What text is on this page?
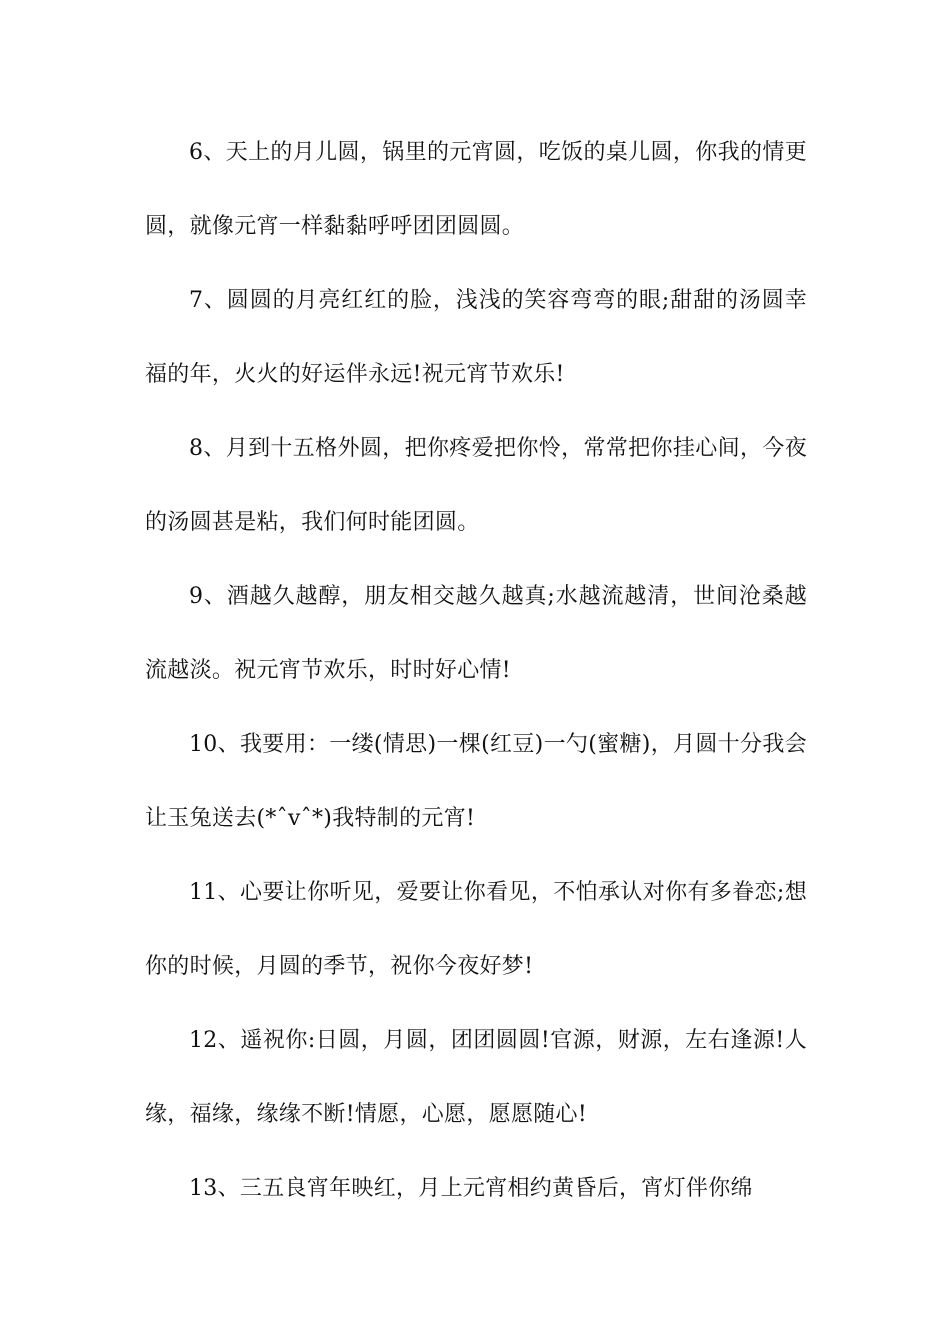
6、天上的月儿圆，锅里的元宵圆，吃饭的桌儿圆，你我的情更圆，就像元宵一样黏黏呼呼团团圆圆。

7、圆圆的月亮红红的脸，浅浅的笑容弯弯的眼;甜甜的汤圆幸福的年，火火的好运伴永远!祝元宵节欢乐!

8、月到十五格外圆，把你疼爱把你怜，常常把你挂心间，今夜的汤圆甚是粘，我们何时能团圆。

9、酒越久越醇，朋友相交越久越真;水越流越清，世间沧桑越流越淡。祝元宵节欢乐，时时好心情!

10、我要用：一缕(情思)一棵(红豆)一勺(蜜糖)，月圆十分我会让玉兔送去(*ˆvˆ*)我特制的元宵!

11、心要让你听见，爱要让你看见，不怕承认对你有多眷恋;想你的时候，月圆的季节，祝你今夜好梦!

12、遥祝你:日圆，月圆，团团圆圆!官源，财源，左右逢源!人缘，福缘，缘缘不断!情愿，心愿，愿愿随心!

13、三五良宵年映红，月上元宵相约黄昏后，宵灯伴你绵
